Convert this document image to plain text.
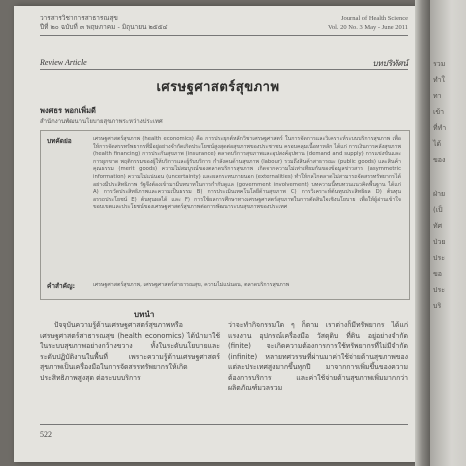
วารสารวิชาการสาธารณสุข
ปีที่ ๒๐ ฉบับที่ ๓ พฤษภาคม - มิถุนายน ๒๕๕๔
Journal of Health Science
Vol. 20 No. 3 May - June 2011
Review Article	บทปริทัศน์
เศรษฐศาสตร์สุขภาพ
พงศธร พอกเพิ่มดี
สำนักงานพัฒนานโยบายสุขภาพระหว่างประเทศ
บทคัดย่อ	เศรษฐศาสตร์สุขภาพ (health economics) คือ การประยุกต์หลักวิชาเศรษฐศาสตร์ ในการจัดการและวิเคราะห์ระบบบริการสุขภาพ เพื่อให้การจัดสรรทรัพยากรที่มีอยู่อย่างจำกัดเกิดประโยชน์สูงสุดต่อสุขภาพของประชาชน ครอบคลุมเนื้อหาหลัก ได้แก่ การเงินการคลังสุขภาพ (health financing) การประกันสุขภาพ (insurance) ตลาดบริการสุขภาพและอุปสงค์อุปทาน (demand and supply) การแข่งขันและการผูกขาด พฤติกรรมของผู้ให้บริการและผู้รับบริการ กำลังคนด้านสุขภาพ (labour) รวมถึงสินค้าสาธารณะ (public goods) และสินค้าคุณธรรม (merit goods) ความไม่สมบูรณ์ของตลาดบริการสุขภาพ เกิดจากความไม่เท่าเทียมกันของข้อมูลข่าวสาร (asymmetric information) ความไม่แน่นอน (uncertainty) และผลกระทบภายนอก (externalities) ทำให้กลไกตลาดไม่สามารถจัดสรรทรัพยากรได้อย่างมีประสิทธิภาพ รัฐจึงต้องเข้ามามีบทบาทในการกำกับดูแล (government involvement) บทความนี้ทบทวนแนวคิดพื้นฐาน ได้แก่ A) การวัดประสิทธิภาพและความเป็นธรรม B) การประเมินเทคโนโลยีด้านสุขภาพ C) การวิเคราะห์ต้นทุนประสิทธิผล D) ต้นทุนอรรถประโยชน์ E) ต้นทุนผลได้ และ F) การใช้ผลการศึกษาทางเศรษฐศาสตร์สุขภาพในการตัดสินใจเชิงนโยบาย เพื่อให้ผู้อ่านเข้าใจขอบเขตและประโยชน์ของเศรษฐศาสตร์สุขภาพต่อการพัฒนาระบบสุขภาพของประเทศ
คำสำคัญ:	เศรษฐศาสตร์สุขภาพ, เศรษฐศาสตร์สาธารณสุข, ความไม่แน่นอน, ตลาดบริการสุขภาพ
บทนำ
ปัจจุบันความรู้ด้านเศรษฐศาสตร์สุขภาพหรือเศรษฐศาสตร์สาธารณสุข (health economics) ได้นำมาใช้ในระบบสุขภาพอย่างกว้างขวาง ทั้งในระดับนโยบายและระดับปฏิบัติงานในพื้นที่ เพราะความรู้ด้านเศรษฐศาสตร์สุขภาพเป็นเครื่องมือในการจัดสรรทรัพยากรให้เกิดประสิทธิภาพสูงสุด ต่อระบบบริการ
ว่าจะทำกิจกรรมใด ๆ ก็ตาม เราต่างก็มีทรัพยากร ได้แก่ แรงงาน อุปกรณ์เครื่องมือ วัสดุดิบ ที่ดิน อยู่อย่างจำกัด (finite) จะเกิดความต้องการการใช้ทรัพยากรที่ไม่มีจำกัด (infinite) หลายทศวรรษที่ผ่านมาค่าใช้จ่ายด้านสุขภาพของแต่ละประเทศสูงมากขึ้นทุกปี มาจากการเพิ่มขึ้นของความต้องการบริการ และค่าใช้จ่ายด้านสุขภาพเพิ่มมากกว่าผลิตภัณฑ์มวลรวม
522
รวม
ทำใ
ทา
เข้า
ที่ทำ
ได้
ของ
ฝ่าย
(เป็
ทัศ
ป่วย
ประ
ขอ
ประ
บริ
